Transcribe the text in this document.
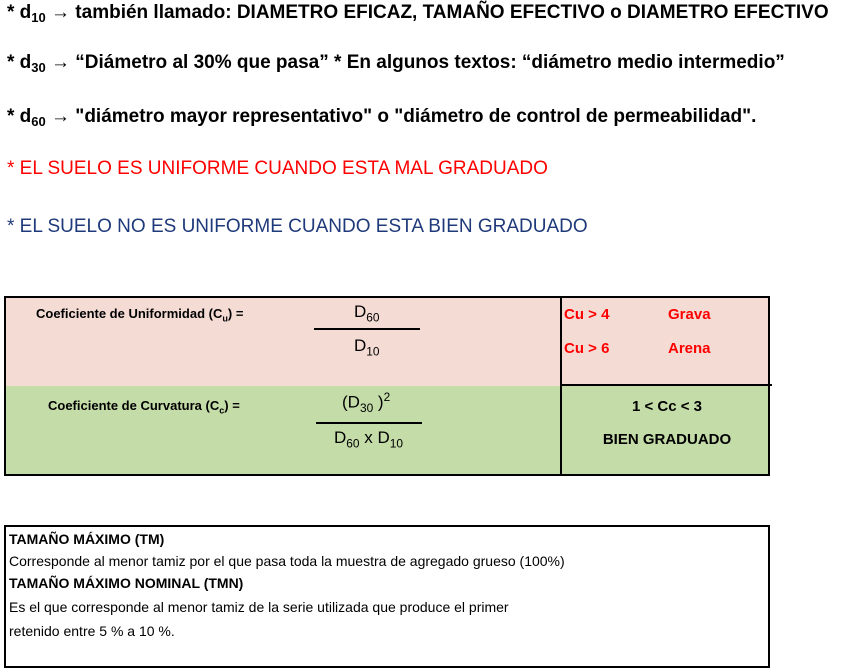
* $d_{10}$ → también llamado: DIAMETRO EFICAZ, TAMAÑO EFECTIVO o DIAMETRO EFECTIVO
* $d_{30}$ → “Diámetro al 30% que pasa” * En algunos textos: “diámetro medio intermedio”
* $d_{60}$ → "diámetro mayor representativo" o "diámetro de control de permeabilidad".
* EL SUELO ES UNIFORME CUANDO ESTA MAL GRADUADO
* EL SUELO NO ES UNIFORME CUANDO ESTA BIEN GRADUADO
Coeficiente de Uniformidad $(C_u)$ =	$D_{60}$
$D_{10}$
Cu > 4	Grava
Cu > 6	Arena
Coeficiente de Curvatura $(C_c)$ =	($D_{30}$ )$^2$
$D_{60}$ x $D_{10}$
1 < Cc < 3
BIEN GRADUADO
TAMAÑO MÁXIMO (TM)
Corresponde al menor tamiz por el que pasa toda la muestra de agregado grueso (100%)
TAMAÑO MÁXIMO NOMINAL (TMN)
Es el que corresponde al menor tamiz de la serie utilizada que produce el primer
retenido entre 5 % a 10 %.
